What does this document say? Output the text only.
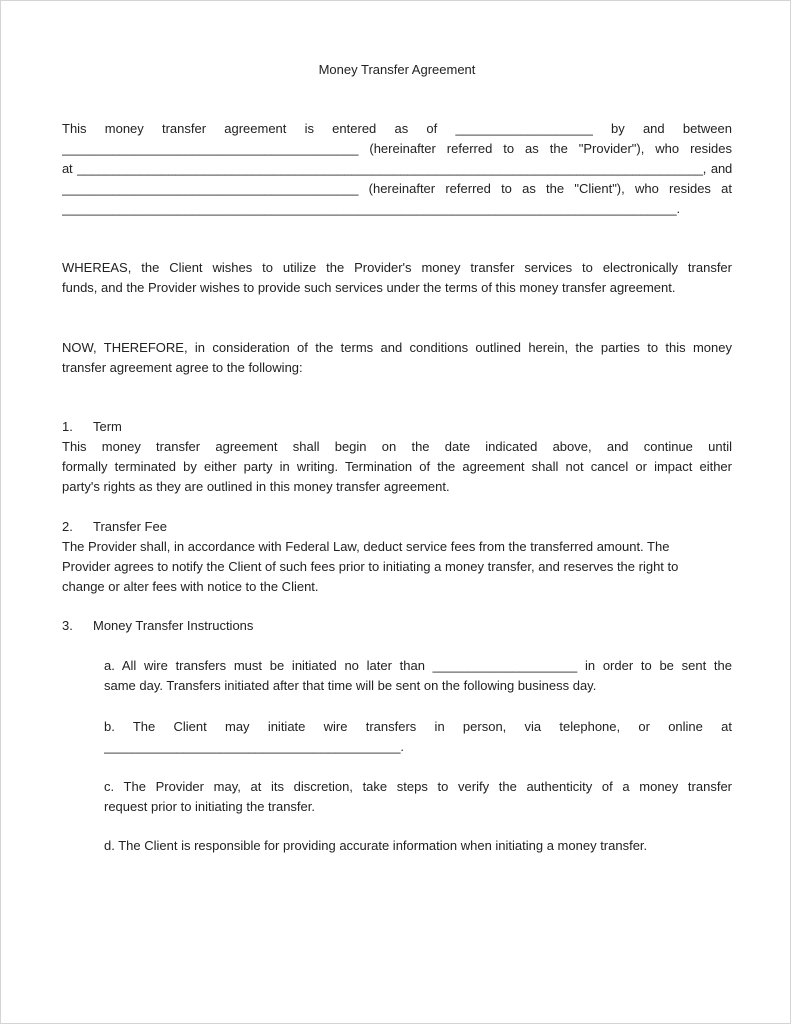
Money Transfer Agreement
This money transfer agreement is entered as of ___________________ by and between
_________________________________________ (hereinafter referred to as the "Provider"), who resides
at _________________________________________________________________________________________, and
_________________________________________ (hereinafter referred to as the "Client"), who resides at
_____________________________________________________________________________________.
WHEREAS, the Client wishes to utilize the Provider's money transfer services to electronically transfer
funds, and the Provider wishes to provide such services under the terms of this money transfer agreement.
NOW, THEREFORE, in consideration of the terms and conditions outlined herein, the parties to this money
transfer agreement agree to the following:
1. Term
This money transfer agreement shall begin on the date indicated above, and continue until
formally terminated by either party in writing. Termination of the agreement shall not cancel or impact either
party's rights as they are outlined in this money transfer agreement.
2. Transfer Fee
The Provider shall, in accordance with Federal Law, deduct service fees from the transferred amount. The
Provider agrees to notify the Client of such fees prior to initiating a money transfer, and reserves the right to
change or alter fees with notice to the Client.
3. Money Transfer Instructions
a. All wire transfers must be initiated no later than ____________________ in order to be sent the
same day. Transfers initiated after that time will be sent on the following business day.
b. The Client may initiate wire transfers in person, via telephone, or online at
_________________________________________.
c. The Provider may, at its discretion, take steps to verify the authenticity of a money transfer
request prior to initiating the transfer.
d. The Client is responsible for providing accurate information when initiating a money transfer.
